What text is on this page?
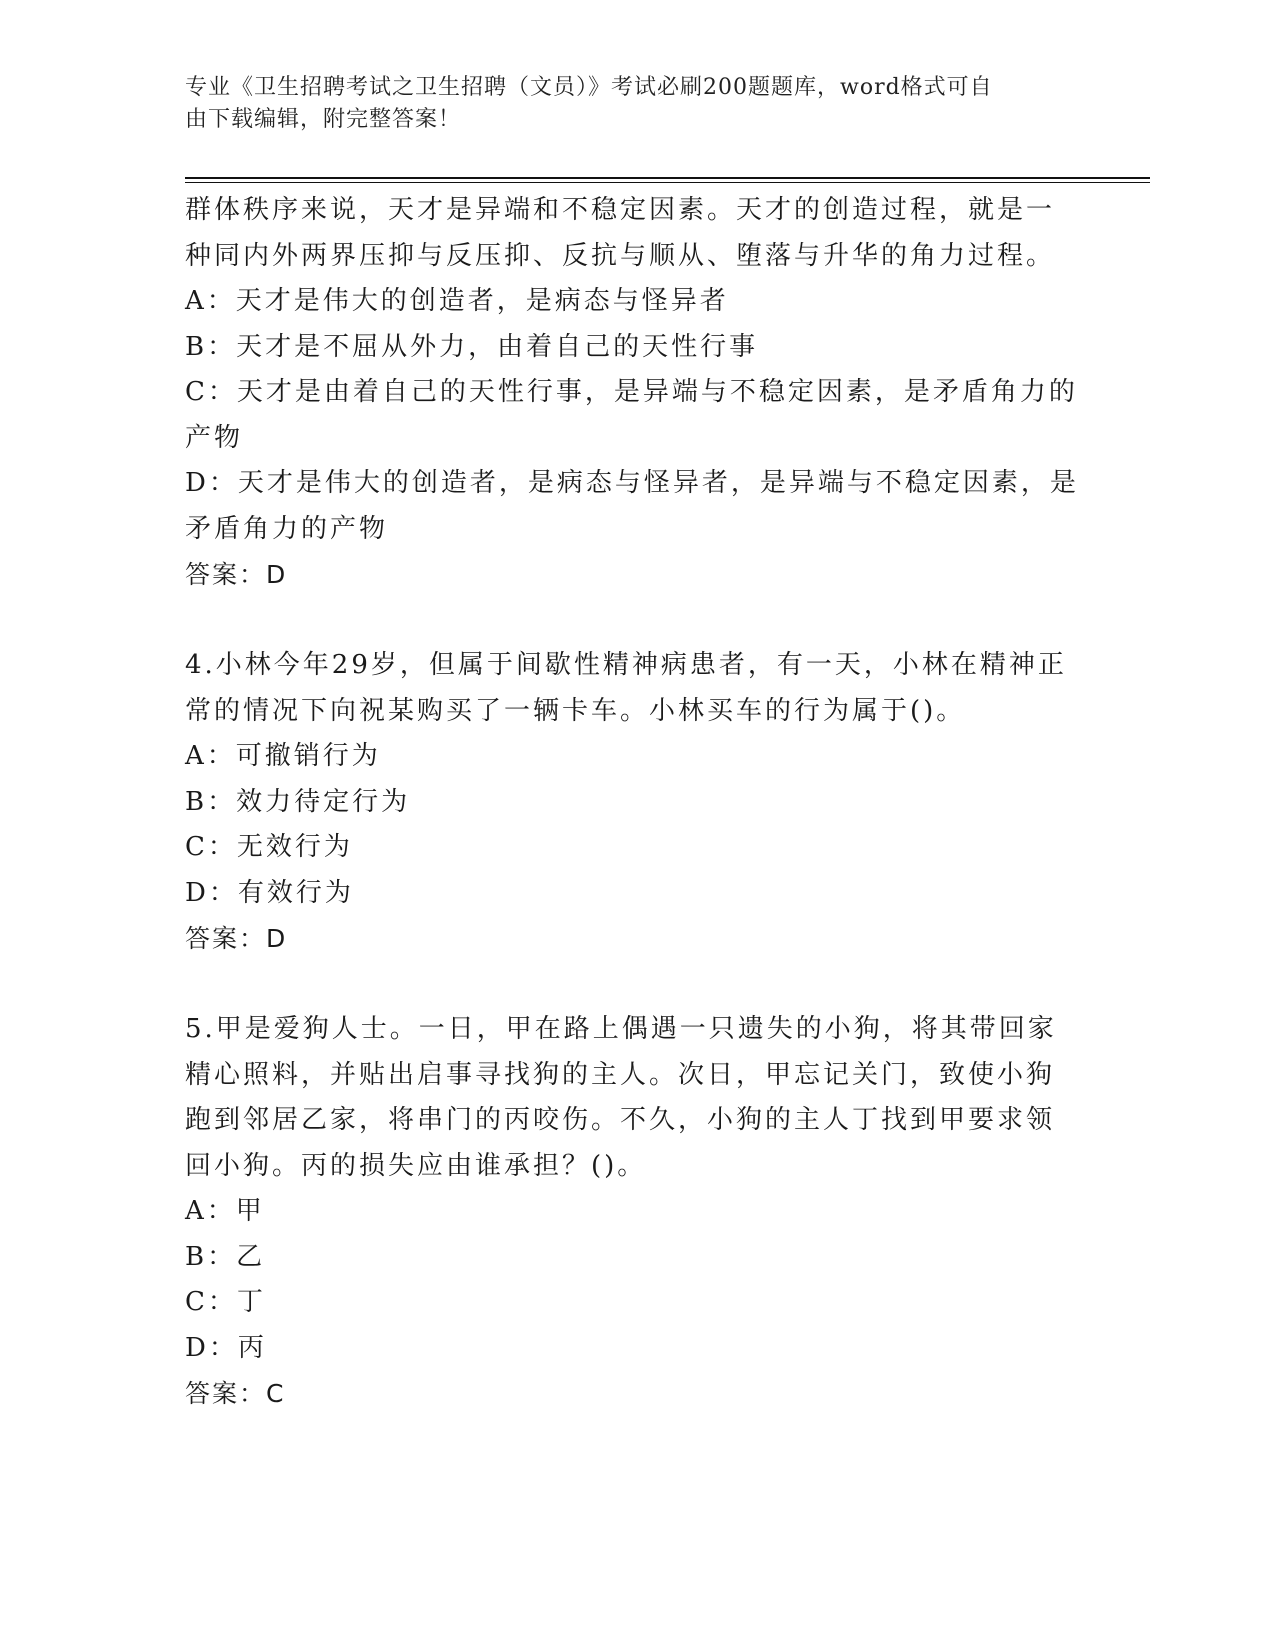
专业《卫生招聘考试之卫生招聘（文员）》考试必刷200题题库，word格式可自
由下载编辑，附完整答案！
群体秩序来说，天才是异端和不稳定因素。天才的创造过程，就是一
种同内外两界压抑与反压抑、反抗与顺从、堕落与升华的角力过程。
A：天才是伟大的创造者，是病态与怪异者
B：天才是不屈从外力，由着自己的天性行事
C：天才是由着自己的天性行事，是异端与不稳定因素，是矛盾角力的
产物
D：天才是伟大的创造者，是病态与怪异者，是异端与不稳定因素，是
矛盾角力的产物
答案：D
4.小林今年29岁，但属于间歇性精神病患者，有一天，小林在精神正
常的情况下向祝某购买了一辆卡车。小林买车的行为属于()。
A：可撤销行为
B：效力待定行为
C：无效行为
D：有效行为
答案：D
5.甲是爱狗人士。一日，甲在路上偶遇一只遗失的小狗，将其带回家
精心照料，并贴出启事寻找狗的主人。次日，甲忘记关门，致使小狗
跑到邻居乙家，将串门的丙咬伤。不久，小狗的主人丁找到甲要求领
回小狗。丙的损失应由谁承担？()。
A：甲
B：乙
C：丁
D：丙
答案：C
